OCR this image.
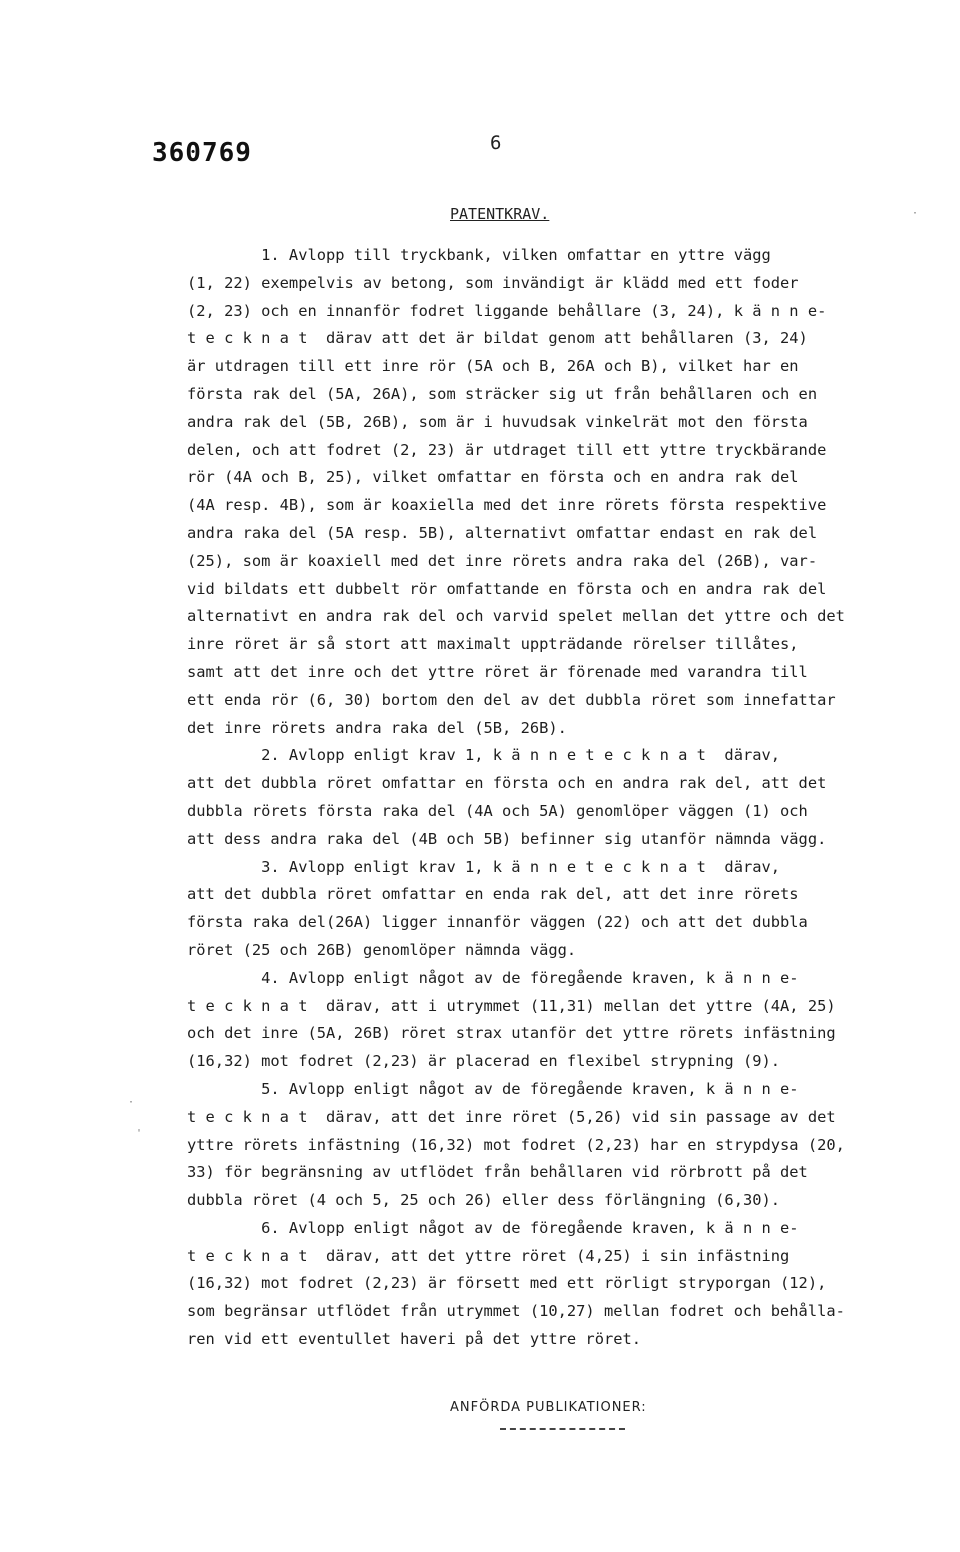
360769	6
PATENTKRAV.
1. Avlopp till tryckbank, vilken omfattar en yttre vägg
(1, 22) exempelvis av betong, som invändigt är klädd med ett foder
(2, 23) och en innanför fodret liggande behållare (3, 24), k ä n n e-
t e c k n a t  därav att det är bildat genom att behållaren (3, 24)
är utdragen till ett inre rör (5A och B, 26A och B), vilket har en
första rak del (5A, 26A), som sträcker sig ut från behållaren och en
andra rak del (5B, 26B), som är i huvudsak vinkelrät mot den första
delen, och att fodret (2, 23) är utdraget till ett yttre tryckbärande
rör (4A och B, 25), vilket omfattar en första och en andra rak del
(4A resp. 4B), som är koaxiella med det inre rörets första respektive
andra raka del (5A resp. 5B), alternativt omfattar endast en rak del
(25), som är koaxiell med det inre rörets andra raka del (26B), var-
vid bildats ett dubbelt rör omfattande en första och en andra rak del
alternativt en andra rak del och varvid spelet mellan det yttre och det
inre röret är så stort att maximalt uppträdande rörelser tillåtes,
samt att det inre och det yttre röret är förenade med varandra till
ett enda rör (6, 30) bortom den del av det dubbla röret som innefattar
det inre rörets andra raka del (5B, 26B).
2. Avlopp enligt krav 1, k ä n n e t e c k n a t  därav,
att det dubbla röret omfattar en första och en andra rak del, att det
dubbla rörets första raka del (4A och 5A) genomlöper väggen (1) och
att dess andra raka del (4B och 5B) befinner sig utanför nämnda vägg.
3. Avlopp enligt krav 1, k ä n n e t e c k n a t  därav,
att det dubbla röret omfattar en enda rak del, att det inre rörets
första raka del(26A) ligger innanför väggen (22) och att det dubbla
röret (25 och 26B) genomlöper nämnda vägg.
4. Avlopp enligt något av de föregående kraven, k ä n n e-
t e c k n a t  därav, att i utrymmet (11,31) mellan det yttre (4A, 25)
och det inre (5A, 26B) röret strax utanför det yttre rörets infästning
(16,32) mot fodret (2,23) är placerad en flexibel strypning (9).
5. Avlopp enligt något av de föregående kraven, k ä n n e-
t e c k n a t  därav, att det inre röret (5,26) vid sin passage av det
yttre rörets infästning (16,32) mot fodret (2,23) har en strypdysa (20,
33) för begränsning av utflödet från behållaren vid rörbrott på det
dubbla röret (4 och 5, 25 och 26) eller dess förlängning (6,30).
6. Avlopp enligt något av de föregående kraven, k ä n n e-
t e c k n a t  därav, att det yttre röret (4,25) i sin infästning
(16,32) mot fodret (2,23) är försett med ett rörligt stryporgan (12),
som begränsar utflödet från utrymmet (10,27) mellan fodret och behålla-
ren vid ett eventullet haveri på det yttre röret.
ANFÖRDA PUBLIKATIONER:
·
'
·
